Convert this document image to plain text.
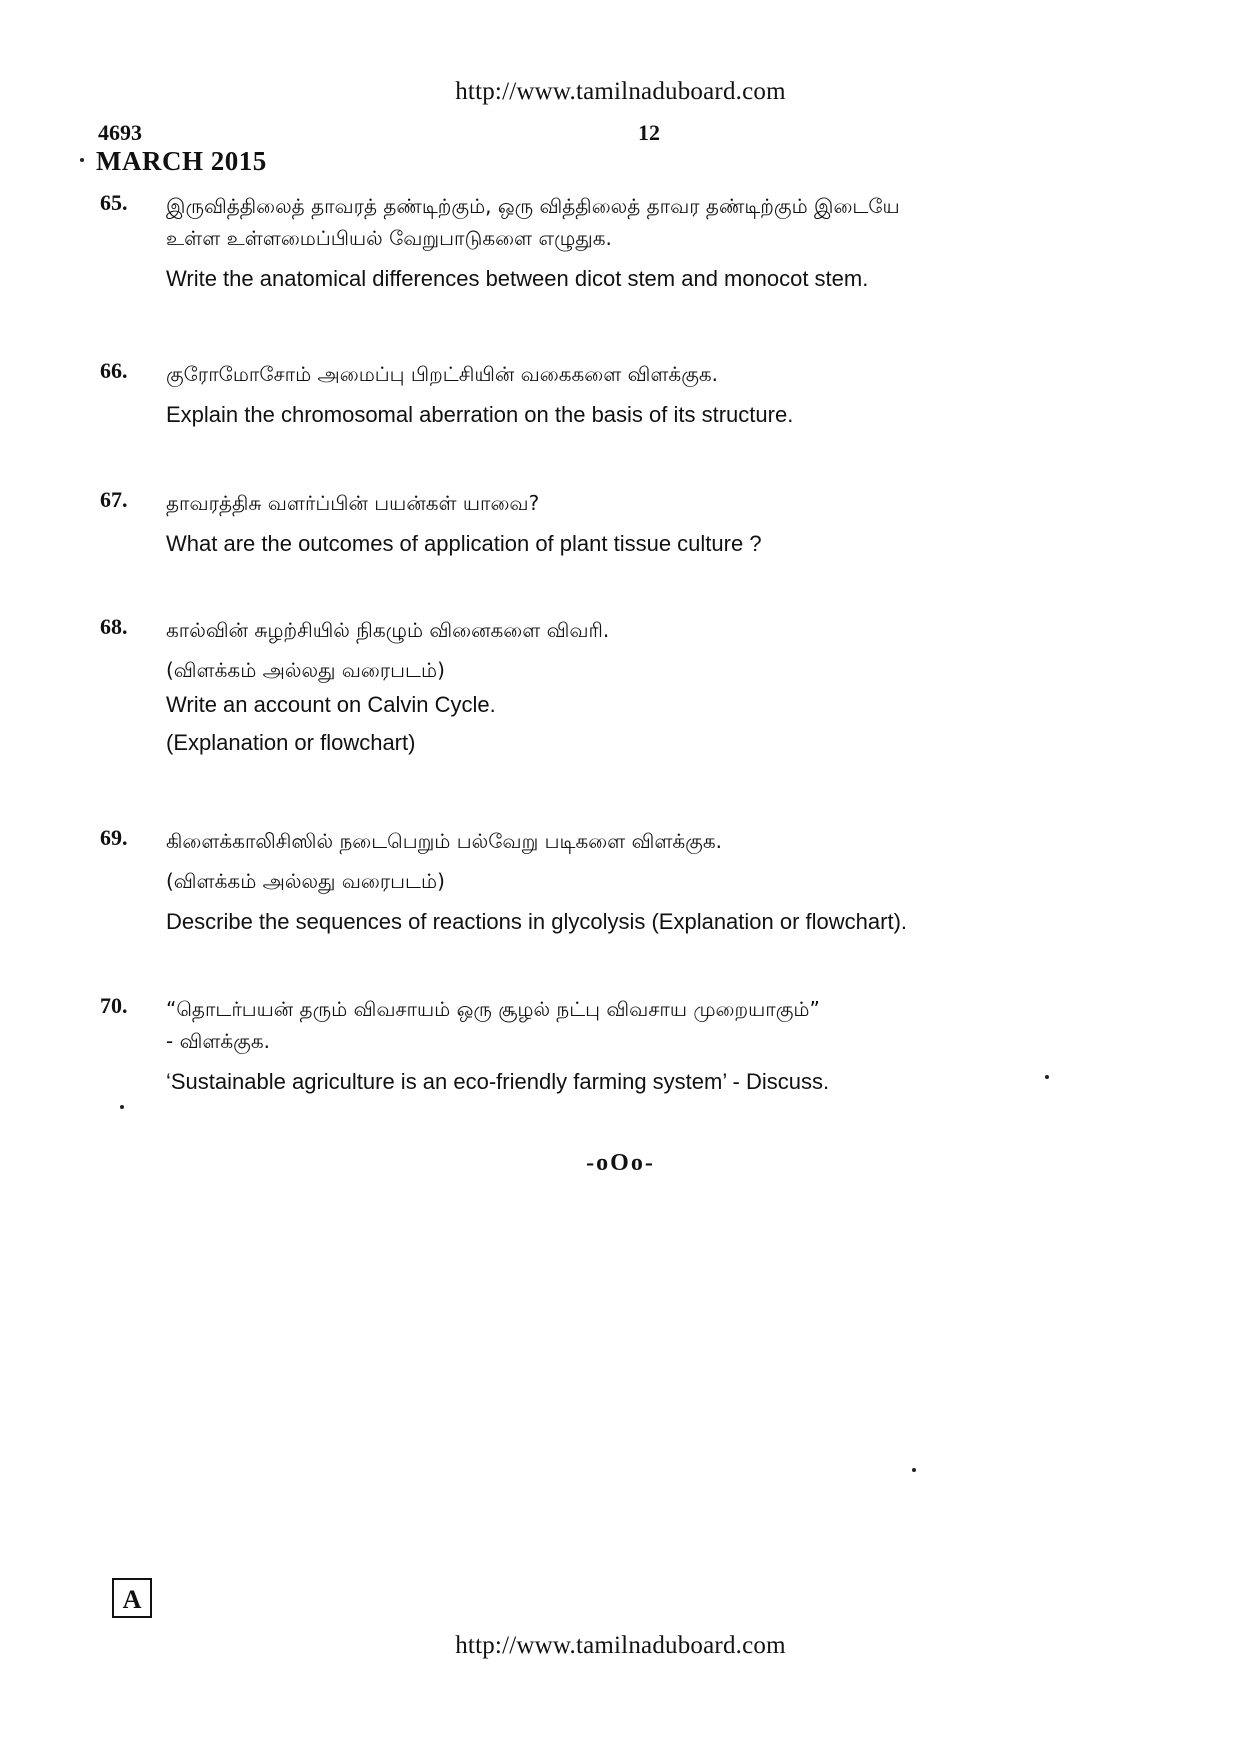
http://www.tamilnaduboard.com
4693	12
MARCH 2015
65. இருவித்திலைத் தாவரத் தண்டிற்கும், ஒரு வித்திலைத் தாவர தண்டிற்கும் இடையே
உள்ள உள்ளமைப்பியல் வேறுபாடுகளை எழுதுக.
Write the anatomical differences between dicot stem and monocot stem.
66. குரோமோசோம் அமைப்பு பிறட்சியின் வகைகளை விளக்குக.
Explain the chromosomal aberration on the basis of its structure.
67. தாவரத்திசு வளர்ப்பின் பயன்கள் யாவை?
What are the outcomes of application of plant tissue culture ?
68. கால்வின் சுழற்சியில் நிகழும் வினைகளை விவரி.
(விளக்கம் அல்லது வரைபடம்)
Write an account on Calvin Cycle.
(Explanation or flowchart)
69. கிளைக்காலிசிஸில் நடைபெறும் பல்வேறு படிகளை விளக்குக.
(விளக்கம் அல்லது வரைபடம்)
Describe the sequences of reactions in glycolysis (Explanation or flowchart).
70. “தொடர்பயன் தரும் விவசாயம் ஒரு சூழல் நட்பு விவசாய முறையாகும்”
- விளக்குக.
‘Sustainable agriculture is an eco-friendly farming system’ - Discuss.
-oOo-
A
http://www.tamilnaduboard.com
